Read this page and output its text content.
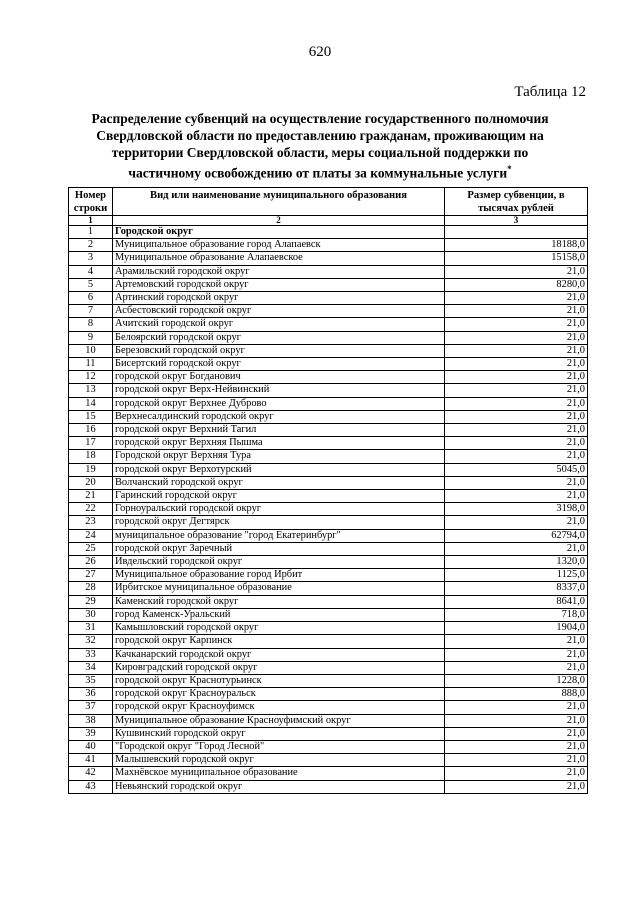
620
Таблица 12
Распределение субвенций на осуществление государственного полномочия Свердловской области по предоставлению гражданам, проживающим на территории Свердловской области, меры социальной поддержки по частичному освобождению от платы за коммунальные услуги*
Номер строки	Вид или наименование муниципального образования	Размер субвенции, в тысячах рублей
1	2	3
1	Городской округ	
2	Муниципальное образование город Алапаевск	18188,0
3	Муниципальное образование Алапаевское	15158,0
4	Арамильский городской округ	21,0
5	Артемовский городской округ	8280,0
6	Артинский городской округ	21,0
7	Асбестовский городской округ	21,0
8	Ачитский городской округ	21,0
9	Белоярский городской округ	21,0
10	Березовский городской округ	21,0
11	Бисертский городской округ	21,0
12	городской округ Богданович	21,0
13	городской округ Верх-Нейвинский	21,0
14	городской округ Верхнее Дуброво	21,0
15	Верхнесалдинский городской округ	21,0
16	городской округ Верхний Тагил	21,0
17	городской округ Верхняя Пышма	21,0
18	Городской округ Верхняя Тура	21,0
19	городской округ Верхотурский	5045,0
20	Волчанский городской округ	21,0
21	Гаринский городской округ	21,0
22	Горноуральский городской округ	3198,0
23	городской округ Дегтярск	21,0
24	муниципальное образование "город Екатеринбург"	62794,0
25	городской округ Заречный	21,0
26	Ивдельский городской округ	1320,0
27	Муниципальное образование город Ирбит	1125,0
28	Ирбитское муниципальное образование	8337,0
29	Каменский городской округ	8641,0
30	город Каменск-Уральский	718,0
31	Камышловский городской округ	1904,0
32	городской округ Карпинск	21,0
33	Качканарский городской округ	21,0
34	Кировградский городской округ	21,0
35	городской округ Краснотурьинск	1228,0
36	городской округ Красноуральск	888,0
37	городской округ Красноуфимск	21,0
38	Муниципальное образование Красноуфимский округ	21,0
39	Кушвинский городской округ	21,0
40	"Городской округ "Город Лесной"	21,0
41	Малышевский городской округ	21,0
42	Махнёвское муниципальное образование	21,0
43	Невьянский городской округ	21,0
